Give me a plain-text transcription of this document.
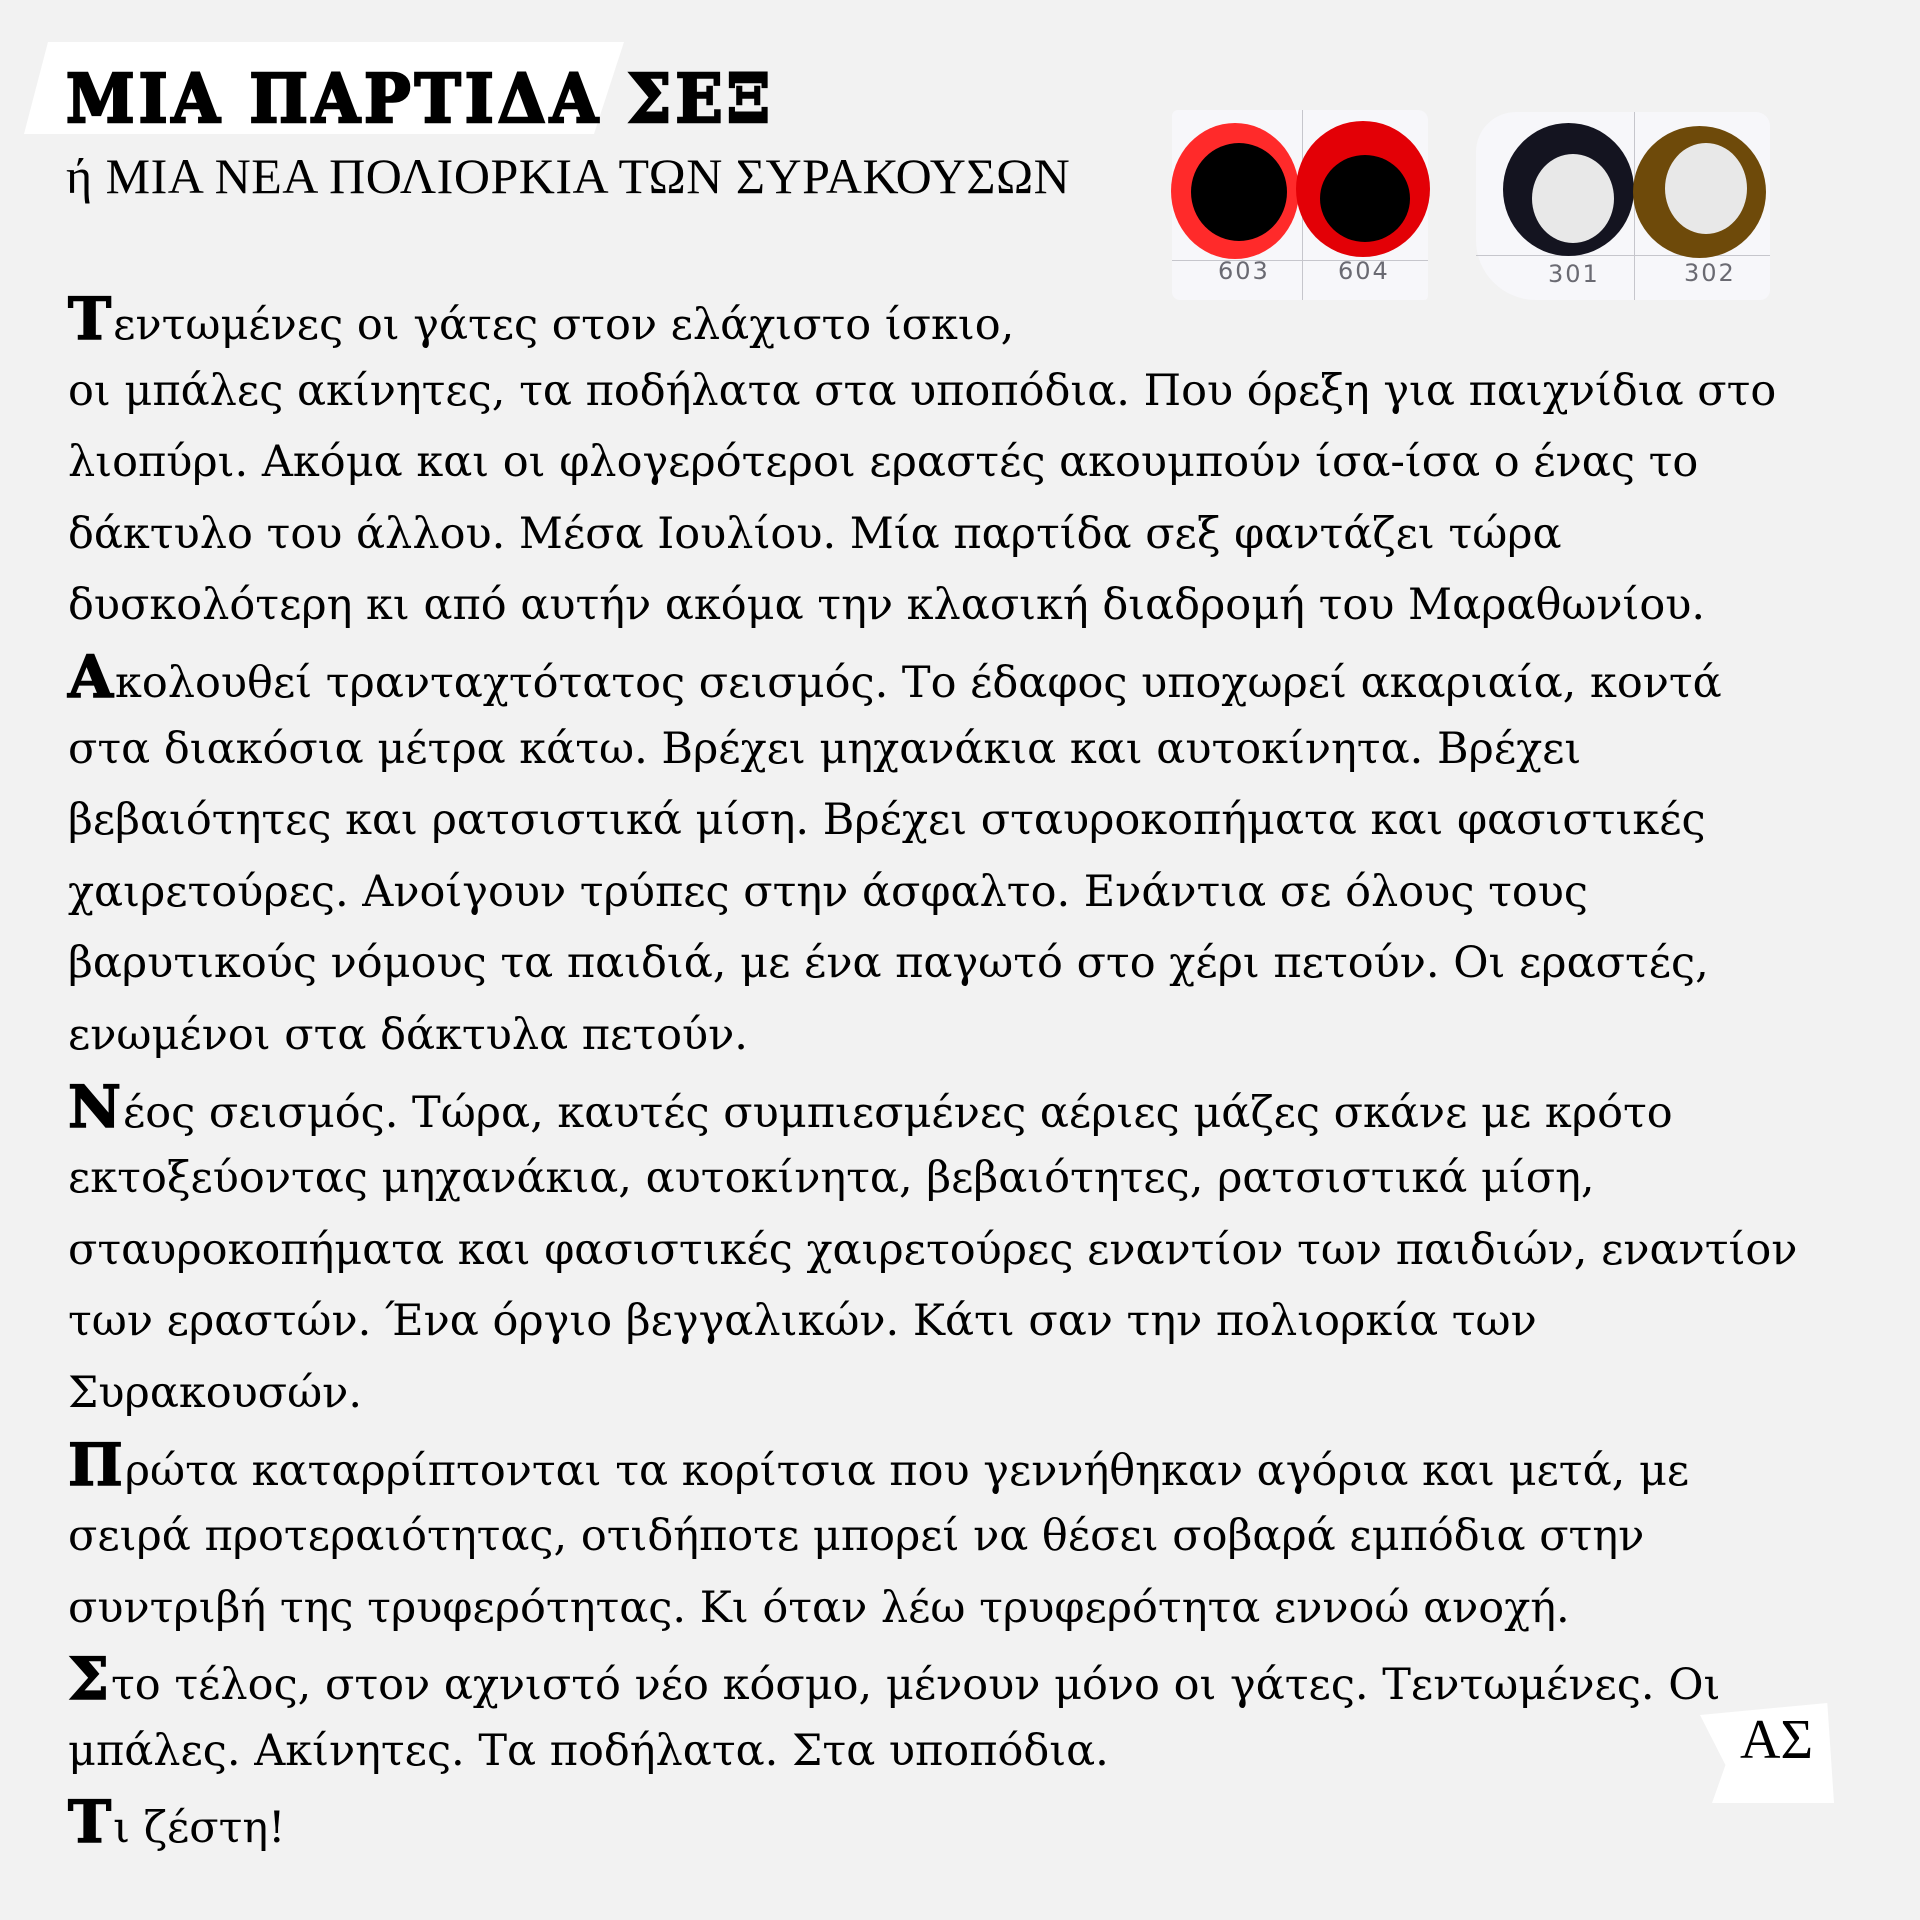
ΜΙΑ ΠΑΡΤΙΔΑ ΣΕΞ
ή ΜΙΑ ΝΕΑ ΠΟΛΙΟΡΚΙΑ ΤΩΝ ΣΥΡΑΚΟΥΣΩΝ
603	604	301	302
Τεντωμένες οι γάτες στον ελάχιστο ίσκιο,
οι μπάλες ακίνητες, τα ποδήλατα στα υποπόδια. Που όρεξη για παιχνίδια στο
λιοπύρι. Ακόμα και οι φλογερότεροι εραστές ακουμπούν ίσα-ίσα ο ένας το
δάκτυλο του άλλου. Μέσα Ιουλίου. Μία παρτίδα σεξ φαντάζει τώρα
δυσκολότερη κι από αυτήν ακόμα την κλασική διαδρομή του Μαραθωνίου.
Ακολουθεί τρανταχτότατος σεισμός. Το έδαφος υποχωρεί ακαριαία, κοντά
στα διακόσια μέτρα κάτω. Βρέχει μηχανάκια και αυτοκίνητα. Βρέχει
βεβαιότητες και ρατσιστικά μίση. Βρέχει σταυροκοπήματα και φασιστικές
χαιρετούρες. Ανοίγουν τρύπες στην άσφαλτο. Ενάντια σε όλους τους
βαρυτικούς νόμους τα παιδιά, με ένα παγωτό στο χέρι πετούν. Οι εραστές,
ενωμένοι στα δάκτυλα πετούν.
Νέος σεισμός. Τώρα, καυτές συμπιεσμένες αέριες μάζες σκάνε με κρότο
εκτοξεύοντας μηχανάκια, αυτοκίνητα, βεβαιότητες, ρατσιστικά μίση,
σταυροκοπήματα και φασιστικές χαιρετούρες εναντίον των παιδιών, εναντίον
των εραστών. Ένα όργιο βεγγαλικών. Κάτι σαν την πολιορκία των
Συρακουσών.
Πρώτα καταρρίπτονται τα κορίτσια που γεννήθηκαν αγόρια και μετά, με
σειρά προτεραιότητας, οτιδήποτε μπορεί να θέσει σοβαρά εμπόδια στην
συντριβή της τρυφερότητας. Κι όταν λέω τρυφερότητα εννοώ ανοχή.
Στο τέλος, στον αχνιστό νέο κόσμο, μένουν μόνο οι γάτες. Τεντωμένες. Οι
μπάλες. Ακίνητες. Τα ποδήλατα. Στα υποπόδια.
Τι ζέστη!
ΑΣ
